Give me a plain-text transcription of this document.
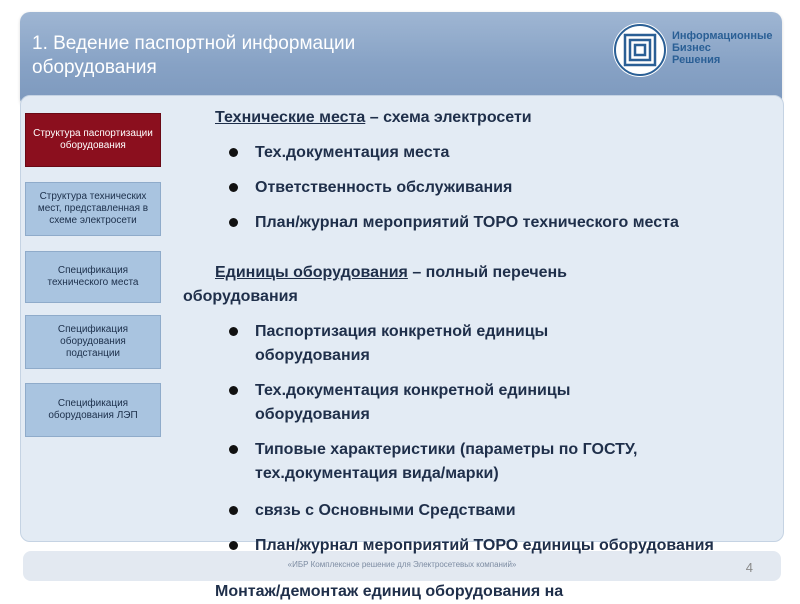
1. Ведение паспортной информации оборудования
Информационные
Бизнес
Решения
Структура паспортизации оборудования
Структура технических мест, представленная в схеме электросети
Спецификация технического места
Спецификация оборудования подстанции
Спецификация оборудования ЛЭП
Технические места – схема электросети
Тех.документация места
Ответственность обслуживания
План/журнал мероприятий ТОРО технического места
Единицы оборудования – полный перечень оборудования
Паспортизация конкретной единицы оборудования
Тех.документация конкретной единицы оборудования
Типовые характеристики (параметры по ГОСТУ, тех.документация вида/марки)
связь с Основными Средствами
«ИБР Комплексное решение для Электросетевых компаний»	4
План/журнал мероприятий ТОРО единицы оборудования
Монтаж/демонтаж единиц оборудования на
